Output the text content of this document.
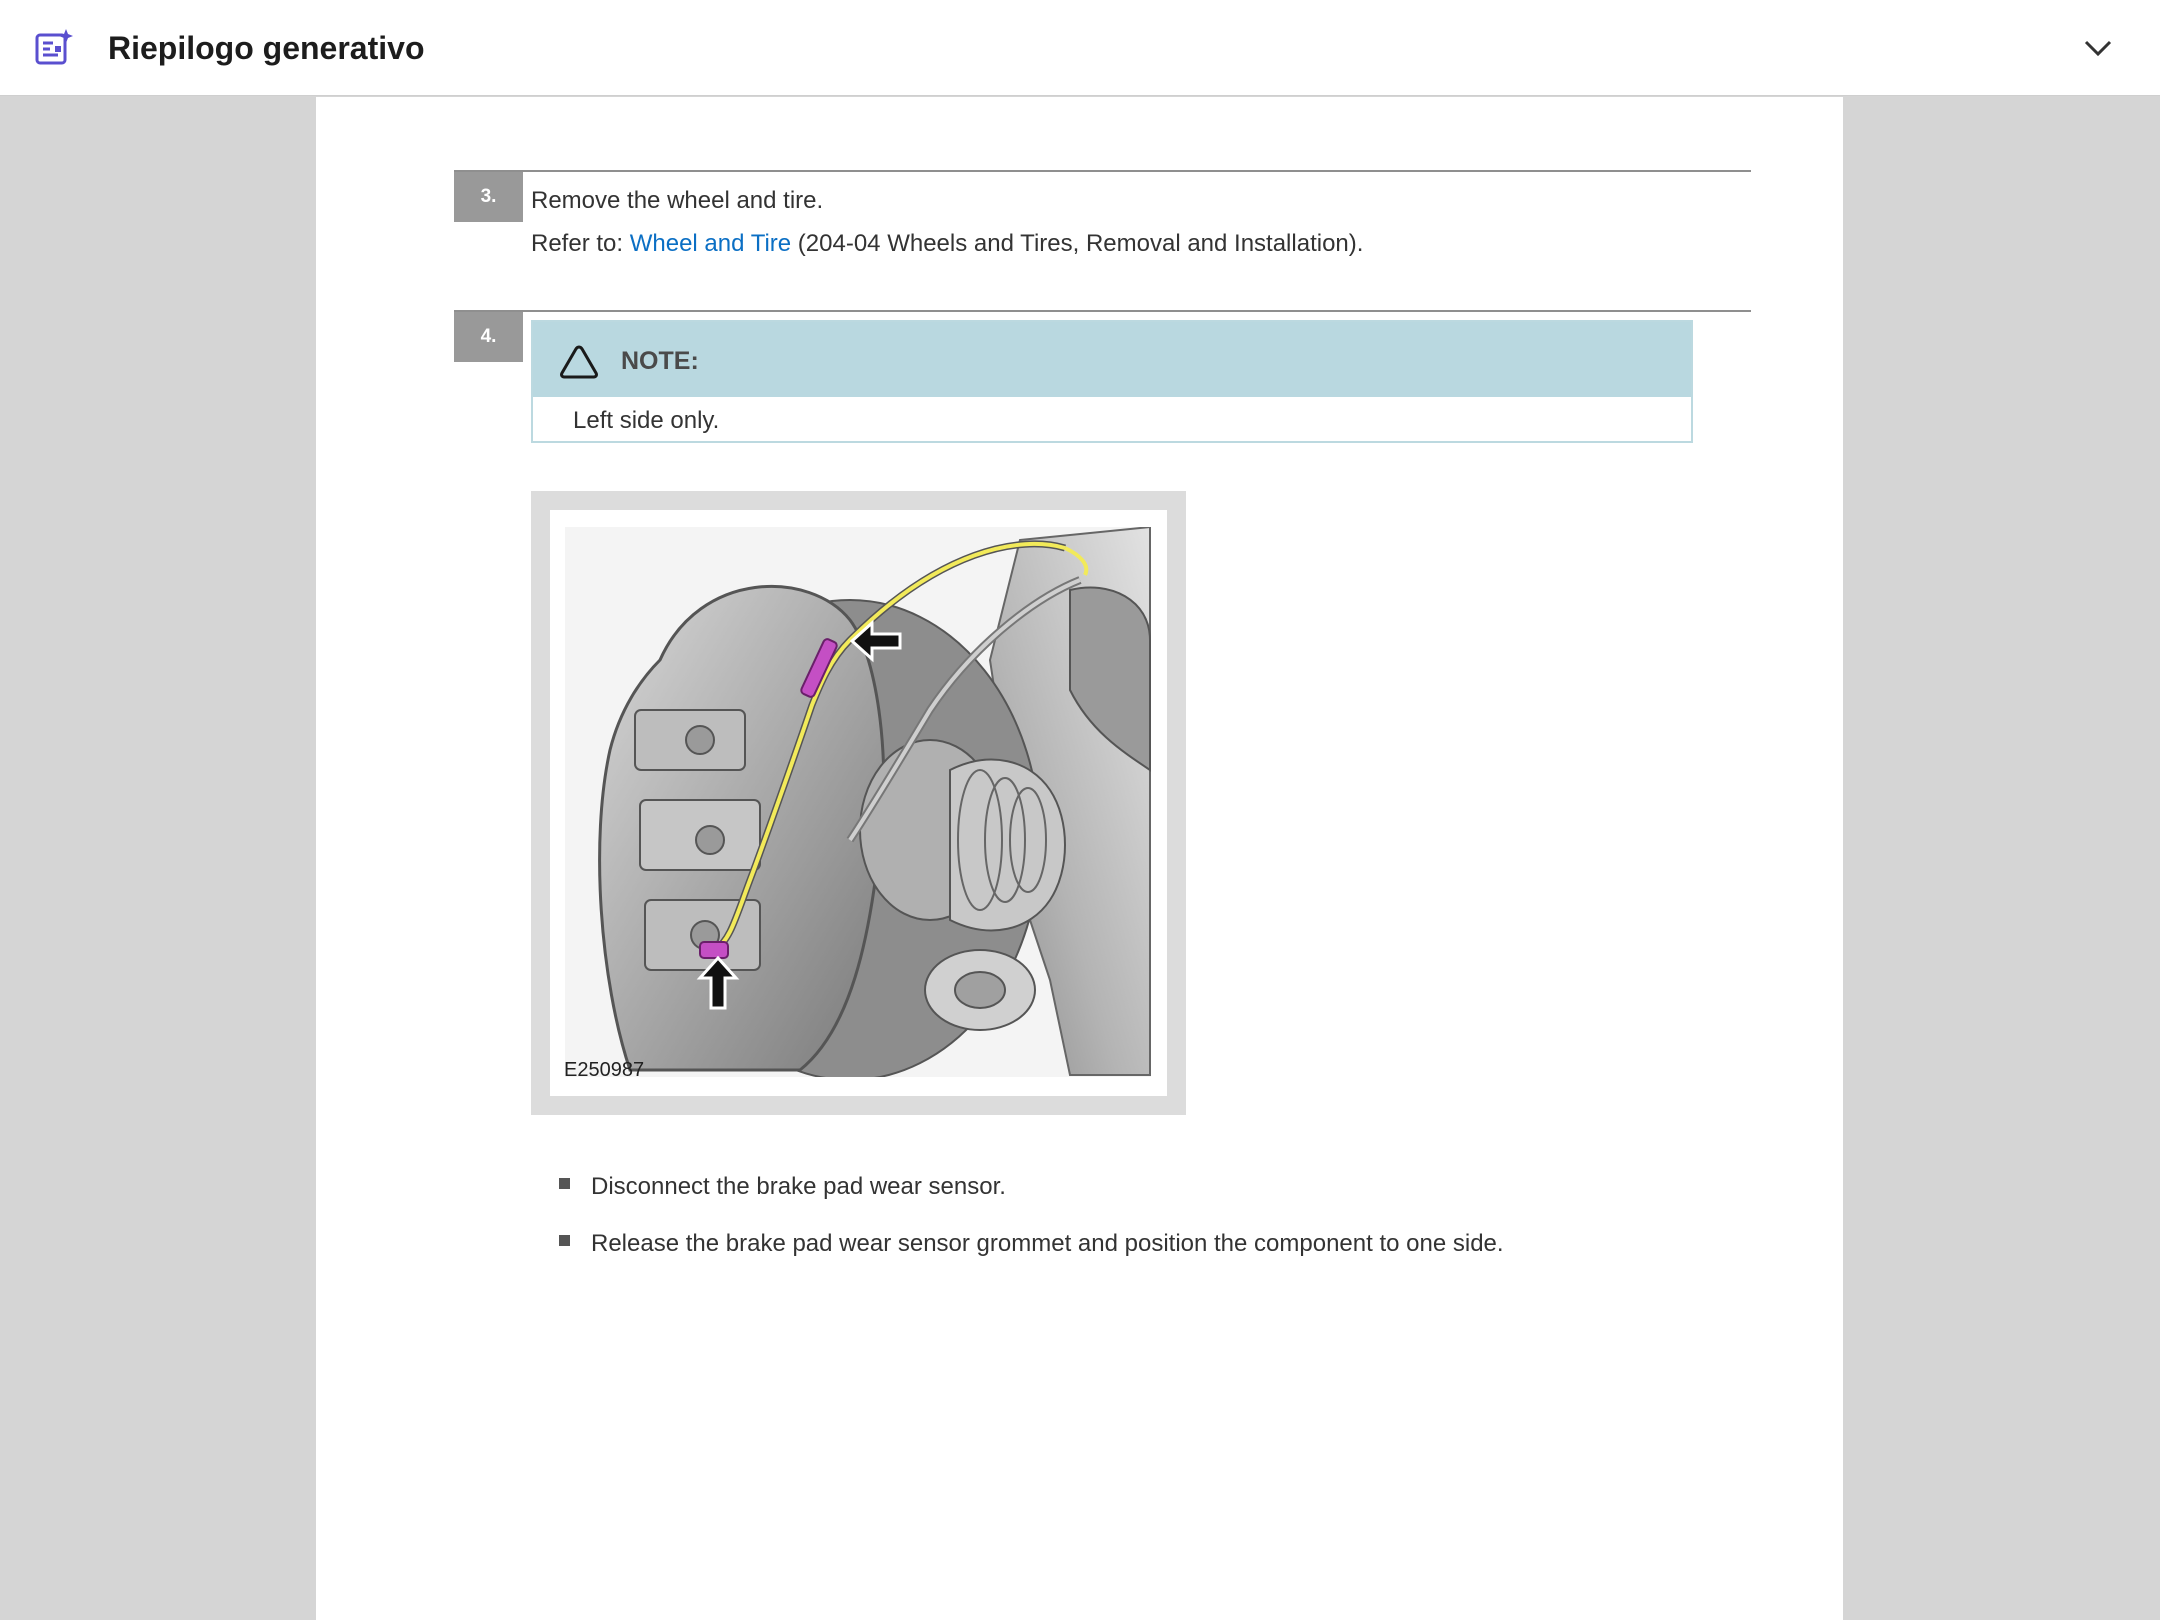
Riepilogo generativo
3.	Remove the wheel and tire.
Refer to: Wheel and Tire (204-04 Wheels and Tires, Removal and Installation).
4.
NOTE:
Left side only.
E250987
Disconnect the brake pad wear sensor.
Release the brake pad wear sensor grommet and position the component to one side.
